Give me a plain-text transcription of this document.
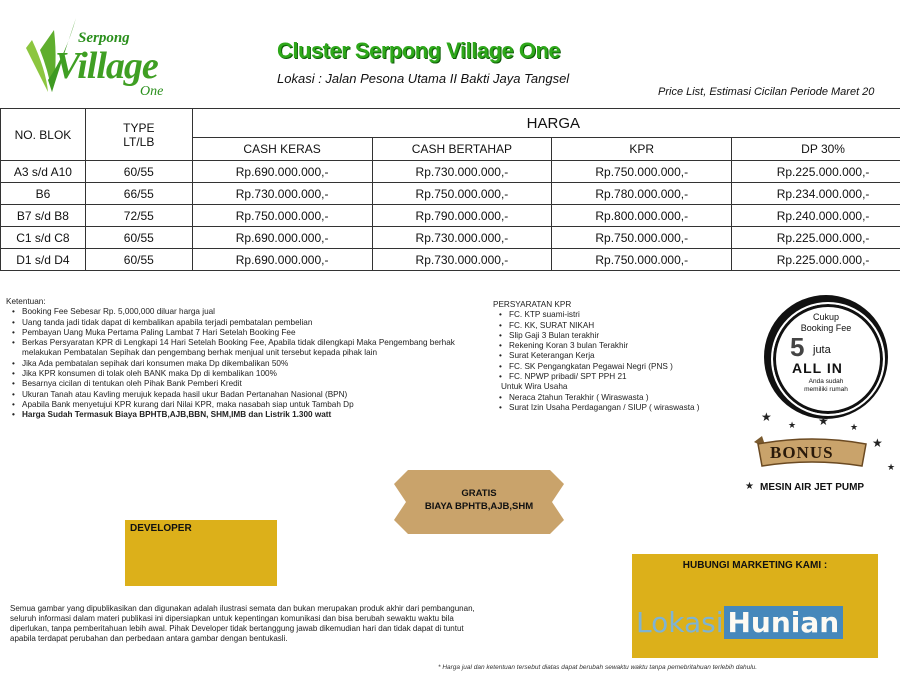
Serpong
Village
One
Cluster Serpong Village One
Lokasi : Jalan Pesona Utama II Bakti Jaya Tangsel
Price List, Estimasi Cicilan Periode Maret 20
NO. BLOK	TYPE
LT/LB	HARGA			
		CASH KERAS	CASH BERTAHAP	KPR	DP 30%
A3 s/d A10	60/55	Rp.690.000.000,-	Rp.730.000.000,-	Rp.750.000.000,-	Rp.225.000.000,-
B6	66/55	Rp.730.000.000,-	Rp.750.000.000,-	Rp.780.000.000,-	Rp.234.000.000,-
B7 s/d B8	72/55	Rp.750.000.000,-	Rp.790.000.000,-	Rp.800.000.000,-	Rp.240.000.000,-
C1 s/d C8	60/55	Rp.690.000.000,-	Rp.730.000.000,-	Rp.750.000.000,-	Rp.225.000.000,-
D1 s/d D4	60/55	Rp.690.000.000,-	Rp.730.000.000,-	Rp.750.000.000,-	Rp.225.000.000,-
Ketentuan:
• Booking Fee Sebesar Rp. 5,000,000 diluar harga jual
• Uang tanda jadi tidak dapat di kembalikan apabila terjadi pembatalan pembelian
• Pembayan Uang Muka Pertama Paling Lambat 7 Hari Setelah Booking Fee
• Berkas Persyaratan KPR di Lengkapi 14 Hari Setelah Booking Fee, Apabila tidak dilengkapi Maka Pengembang berhak melakukan Pembatalan Sepihak dan pengembang berhak menjual unit tersebut kepada pihak lain
• Jika Ada pembatalan sepihak dari konsumen maka Dp dikembalikan 50%
• Jika KPR konsumen di tolak oleh BANK maka Dp di kembalikan 100%
• Besarnya cicilan di tentukan oleh Pihak Bank Pemberi Kredit
• Ukuran Tanah atau Kavling merujuk kepada hasil ukur Badan Pertanahan Nasional (BPN)
• Apabila Bank menyetujui KPR kurang dari Nilai KPR, maka nasabah siap untuk Tambah Dp
• Harga Sudah Termasuk Biaya BPHTB,AJB,BBN, SHM,IMB dan Listrik 1.300 watt
PERSYARATAN KPR
• FC. KTP suami-istri
• FC. KK, SURAT NIKAH
• Slip Gaji 3 Bulan terakhir
• Rekening Koran 3 bulan Terakhir
• Surat Keterangan Kerja
• FC. SK Pengangkatan Pegawai Negri (PNS )
• FC. NPWP pribadi/ SPT PPH 21
Untuk Wira Usaha
• Neraca 2tahun Terakhir ( Wiraswasta )
• Surat Izin Usaha Perdagangan / SIUP ( wiraswasta )
Cukup
Booking Fee
5 juta
ALL IN
Anda sudah
memiliki rumah
★
★ ★ ★
★
★
BONUS
★ MESIN AIR JET PUMP
GRATIS
BIAYA BPHTB,AJB,SHM
DEVELOPER
HUBUNGI MARKETING KAMI :
Lokasi Hunian
Semua gambar yang dipublikasikan dan digunakan adalah ilustrasi semata dan bukan merupakan produk akhir dari pembangunan, seluruh informasi dalam materi publikasi ini dipersiapkan untuk kepentingan komunikasi dan bisa berubah sewaktu waktu bila diperlukan, tanpa pemberitahuan lebih awal. Pihak Developer tidak bertanggung jawab dikemudian hari dan tidak dapat di tuntut apabila terdapat perubahan dan perbedaan antara gambar dengan bentukasli.
* Harga jual dan ketentuan tersebut diatas dapat berubah sewaktu waktu tanpa pemebritahuan terlebih dahulu.
